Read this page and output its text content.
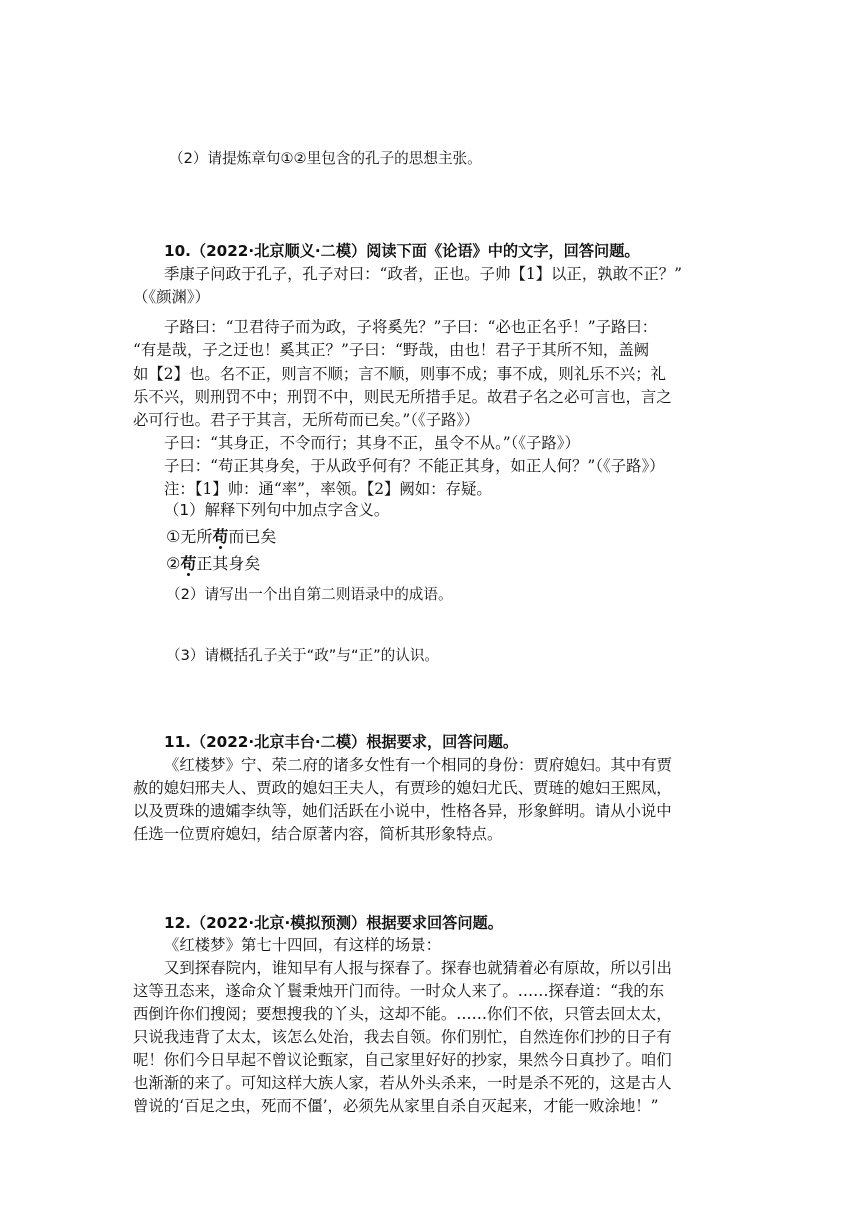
（2）请提炼章句①②里包含的孔子的思想主张。
10.（2022·北京顺义·二模）阅读下面《论语》中的文字，回答问题。
季康子问政于孔子，孔子对曰：“政者，正也。子帅【1】以正，孰敢不正？”
（《颜渊》）
子路曰：“卫君待子而为政，子将奚先？”子曰：“必也正名乎！”子路曰：
“有是哉，子之迂也！奚其正？”子曰：“野哉，由也！君子于其所不知，盖阙
如【2】也。名不正，则言不顺；言不顺，则事不成；事不成，则礼乐不兴；礼
乐不兴，则刑罚不中；刑罚不中，则民无所措手足。故君子名之必可言也，言之
必可行也。君子于其言，无所苟而已矣。”（《子路》）
子曰：“其身正，不令而行；其身不正，虽令不从。”（《子路》）
子曰：“苟正其身矣，于从政乎何有？不能正其身，如正人何？”（《子路》）
注：【1】帅：通“率”，率领。【2】阙如：存疑。
（1）解释下列句中加点字含义。
①无所苟而已矣
②苟正其身矣
（2）请写出一个出自第二则语录中的成语。
（3）请概括孔子关于“政”与“正”的认识。
11.（2022·北京丰台·二模）根据要求，回答问题。
《红楼梦》宁、荣二府的诸多女性有一个相同的身份：贾府媳妇。其中有贾
赦的媳妇邢夫人、贾政的媳妇王夫人，有贾珍的媳妇尤氏、贾琏的媳妇王熙凤，
以及贾珠的遗孀李纨等，她们活跃在小说中，性格各异，形象鲜明。请从小说中
任选一位贾府媳妇，结合原著内容，简析其形象特点。
12.（2022·北京·模拟预测）根据要求回答问题。
《红楼梦》第七十四回，有这样的场景：
又到探春院内，谁知早有人报与探春了。探春也就猜着必有原故，所以引出
这等丑态来，遂命众丫鬟秉烛开门而待。一时众人来了。……探春道：“我的东
西倒许你们搜阅；要想搜我的丫头，这却不能。……你们不依，只管去回太太，
只说我违背了太太，该怎么处治，我去自领。你们别忙，自然连你们抄的日子有
呢！你们今日早起不曾议论甄家，自己家里好好的抄家，果然今日真抄了。咱们
也渐渐的来了。可知这样大族人家，若从外头杀来，一时是杀不死的，这是古人
曾说的‘百足之虫，死而不僵’，必须先从家里自杀自灭起来，才能一败涂地！”
